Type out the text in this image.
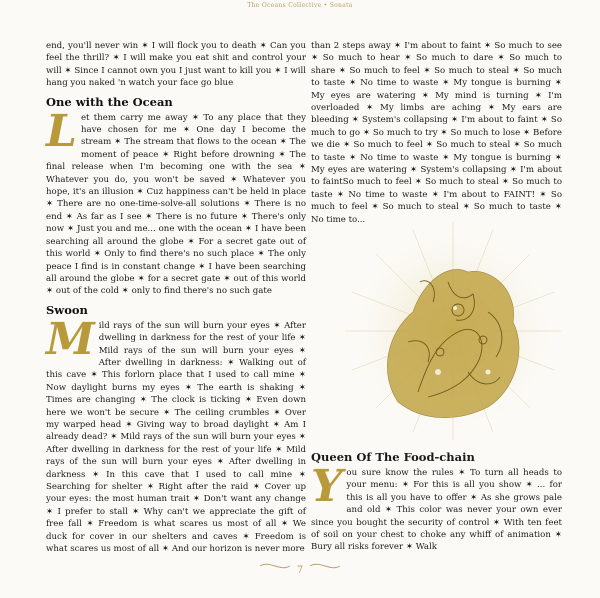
The Oceans Collective • Sonata

end, you'll never win ✶ I will flock you to death ✶ Can you feel the thrill? ✶ I will make you eat shit and control your will ✶ Since I cannot own you I just want to kill you ✶ I will hang you naked 'n watch your face go blue

One with the Ocean

Let them carry me away ✶ To any place that they have chosen for me ✶ One day I become the stream ✶ The stream that flows to the ocean ✶ The moment of peace ✶ Right before drowning ✶ The final release when I'm becoming one with the sea ✶ Whatever you do, you won't be saved ✶ Whatever you hope, it's an illusion ✶ Cuz happiness can't be held in place ✶ There are no one-time-solve-all solutions ✶ There is no end ✶ As far as I see ✶ There is no future ✶ There's only now ✶ Just you and me... one with the ocean ✶ I have been searching all around the globe ✶ For a secret gate out of this world ✶ Only to find there's no such place ✶ The only peace I find is in constant change ✶ I have been searching all around the globe ✶ for a secret gate ✶ out of this world ✶ out of the cold ✶ only to find there's no such gate

Swoon

Mild rays of the sun will burn your eyes ✶ After dwelling in darkness for the rest of your life ✶ Mild rays of the sun will burn your eyes ✶ After dwelling in darkness: ✶ Walking out of this cave ✶ This forlorn place that I used to call mine ✶ Now daylight burns my eyes ✶ The earth is shaking ✶ Times are changing ✶ The clock is ticking ✶ Even down here we won't be secure ✶ The ceiling crumbles ✶ Over my warped head ✶ Giving way to broad daylight ✶ Am I already dead? ✶ Mild rays of the sun will burn your eyes ✶ After dwelling in darkness for the rest of your life ✶ Mild rays of the sun will burn your eyes ✶ After dwelling in darkness ✶ In this cave that I used to call mine ✶ Searching for shelter ✶ Right after the raid ✶ Cover up your eyes: the most human trait ✶ Don't want any change ✶ I prefer to stall ✶ Why can't we appreciate the gift of free fall ✶ Freedom is what scares us most of all ✶ We duck for cover in our shelters and caves ✶ Freedom is what scares us most of all ✶ And our horizon is never more

than 2 steps away ✶ I'm about to faint ✶ So much to see ✶ So much to hear ✶ So much to dare ✶ So much to share ✶ So much to feel ✶ So much to steal ✶ So much to taste ✶ No time to waste ✶ My tongue is burning ✶ My eyes are watering ✶ My mind is turning ✶ I'm overloaded ✶ My limbs are aching ✶ My ears are bleeding ✶ System's collapsing ✶ I'm about to faint ✶ So much to go ✶ So much to try ✶ So much to lose ✶ Before we die ✶ So much to feel ✶ So much to steal ✶ So much to taste ✶ No time to waste ✶ My tongue is burning ✶ My eyes are watering ✶ System's collapsing ✶ I'm about to faintSo much to feel ✶ So much to steal ✶ So much to taste ✶ No time to waste ✶ I'm about to FAINT! ✶ So much to feel ✶ So much to steal ✶ So much to taste ✶ No time to...

Queen Of The Food-chain

You sure know the rules ✶ To turn all heads to your menu: ✶ For this is all you show ✶ ... for this is all you have to offer ✶ As she grows pale and old ✶ This color was never your own ever since you bought the security of control ✶ With ten feet of soil on your chest to choke any whiff of animation ✶ Bury all risks forever ✶ Walk

7
